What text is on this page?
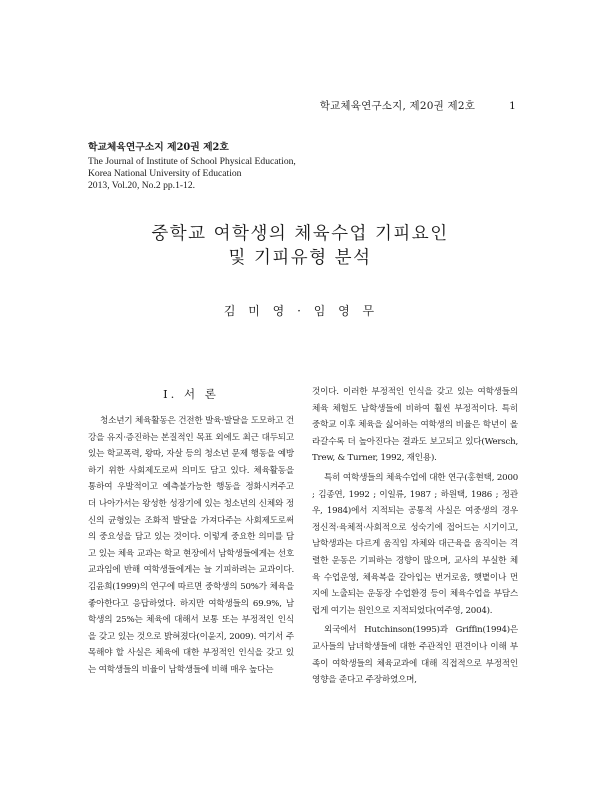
학교체육연구소지, 제20권 제2호	1
학교체육연구소지 제20권 제2호
The Journal of Institute of School Physical Education,
Korea National University of Education
2013, Vol.20, No.2 pp.1-12.
중학교 여학생의 체육수업 기피요인
및 기피유형 분석
김 미 영 · 임 영 무

Ⅰ. 서 론

청소년기 체육활동은 건전한 발육·발달을 도모하고 건강을 유지·증진하는 본질적인 목표 외에도 최근 대두되고 있는 학교폭력, 왕따, 자살 등의 청소년 문제 행동을 예방하기 위한 사회제도로써 의미도 담고 있다. 체육활동을 통하여 우발적이고 예측불가능한 행동을 정화시켜주고 더 나아가서는 왕성한 성장기에 있는 청소년의 신체와 정신의 균형있는 조화적 발달을 가져다주는 사회제도로써의 중요성을 담고 있는 것이다. 이렇게 중요한 의미를 담고 있는 체육 교과는 학교 현장에서 남학생들에게는 선호 교과임에 반해 여학생들에게는 늘 기피하려는 교과이다. 김윤희(1999)의 연구에 따르면 중학생의 50%가 체육을 좋아한다고 응답하였다. 하지만 여학생들의 69.9%, 남학생의 25%는 체육에 대해서 보통 또는 부정적인 인식을 갖고 있는 것으로 밝혀졌다(이윤지, 2009). 여기서 주목해야 할 사실은 체육에 대한 부정적인 인식을 갖고 있는 여학생들의 비율이 남학생들에 비해 매우 높다는

것이다. 이러한 부정적인 인식을 갖고 있는 여학생들의 체육 체험도 남학생들에 비하여 훨씬 부정적이다. 특히 중학교 이후 체육을 싫어하는 여학생의 비율은 학년이 올라갈수록 더 높아진다는 결과도 보고되고 있다(Wersch, Trew, & Turner, 1992, 재인용).

특히 여학생들의 체육수업에 대한 연구(홍현택, 2000 ; 김종연, 1992 ; 이일류, 1987 ; 하원택, 1986 ; 정관우, 1984)에서 지적되는 공통적 사실은 여중생의 경우 정신적·육체적·사회적으로 성숙기에 접어드는 시기이고, 남학생과는 다르게 움직임 자체와 대근육을 움직이는 격렬한 운동은 기피하는 경향이 많으며, 교사의 부실한 체육 수업운영, 체육복을 갈아입는 번거로움, 햇볕이나 먼지에 노출되는 운동장 수업환경 등이 체육수업을 부담스럽게 여기는 원인으로 지적되었다(여주영, 2004).

외국에서 Hutchinson(1995)과 Griffin(1994)은 교사들의 남녀학생들에 대한 주관적인 편견이나 이해 부족이 여학생들의 체육교과에 대해 직접적으로 부정적인 영향을 준다고 주장하였으며,
